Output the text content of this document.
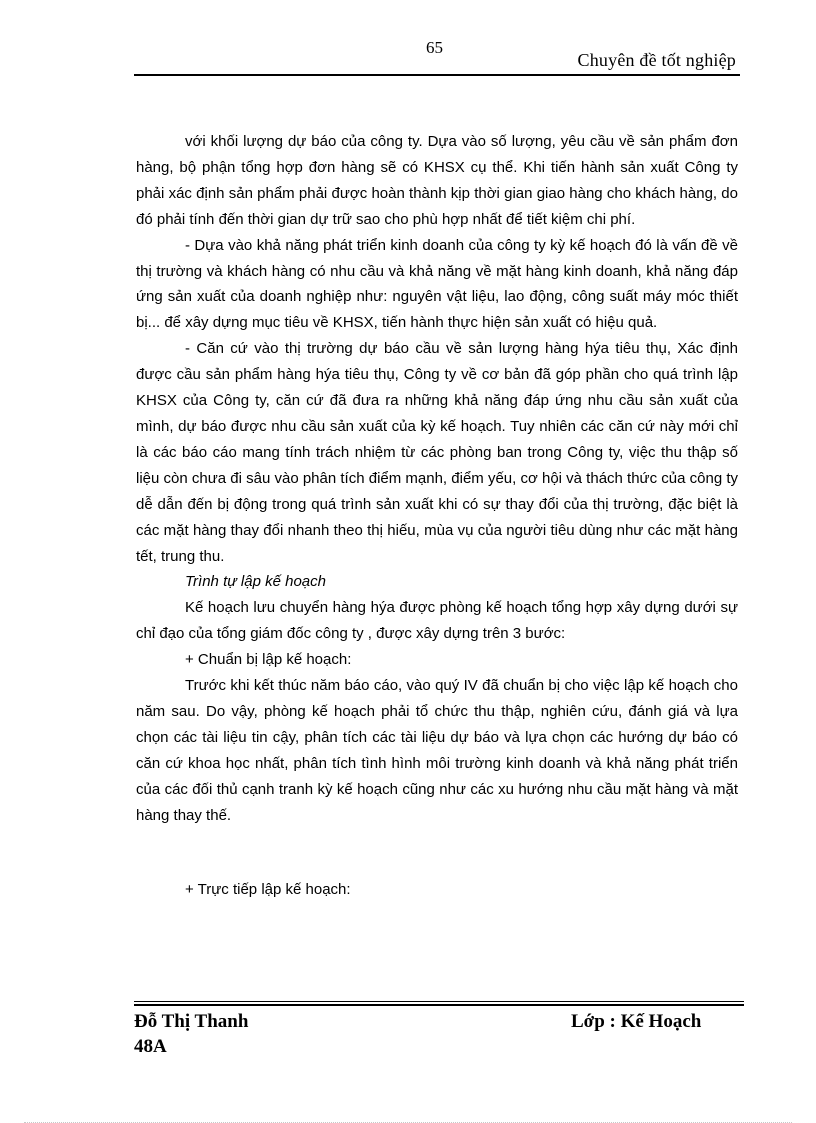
65
Chuyên đề tốt nghiệp

với khối lượng dự báo của công ty. Dựa vào số lượng, yêu cầu về sản phẩm đơn hàng, bộ phận tổng hợp đơn hàng sẽ có KHSX cụ thể. Khi tiến hành sản xuất Công ty phải xác định sản phẩm phải được hoàn thành kịp thời gian giao hàng cho khách hàng, do đó phải tính đến thời gian dự trữ sao cho phù hợp nhất để tiết kiệm chi phí.

- Dựa vào khả năng phát triển kinh doanh của công ty kỳ kế hoạch đó là vấn đề về thị trường và khách hàng có nhu cầu và khả năng về mặt hàng kinh doanh, khả năng đáp ứng sản xuất của doanh nghiệp như: nguyên vật liệu, lao động, công suất máy móc thiết bị... để xây dựng mục tiêu về KHSX, tiến hành thực hiện sản xuất có hiệu quả.

- Căn cứ vào thị trường dự báo cầu về sản lượng hàng hýa tiêu thụ, Xác định được cầu sản phẩm hàng hýa tiêu thụ, Công ty về cơ bản đã góp phần cho quá trình lập KHSX của Công ty, căn cứ đã đưa ra những khả năng đáp ứng nhu cầu sản xuất của mình, dự báo được nhu cầu sản xuất của kỳ kế hoạch. Tuy nhiên các căn cứ này mới chỉ là các báo cáo mang tính trách nhiệm từ các phòng ban trong Công ty, việc thu thập số liệu còn chưa đi sâu vào phân tích điểm mạnh, điểm yếu, cơ hội và thách thức của công ty dễ dẫn đến bị động trong quá trình sản xuất khi có sự thay đổi của thị trường, đặc biệt là các mặt hàng thay đổi nhanh theo thị hiếu, mùa vụ của người tiêu dùng như các mặt hàng tết, trung thu.

Trình tự lập kế hoạch

Kế hoạch lưu chuyển hàng hýa được phòng kế hoạch tổng hợp xây dựng dưới sự chỉ đạo của tổng giám đốc công ty , được xây dựng trên 3 bước:

+ Chuẩn bị lập kế hoạch:

Trước khi kết thúc năm báo cáo, vào quý IV đã chuẩn bị cho việc lập kế hoạch cho năm sau. Do vậy, phòng kế hoạch phải tổ chức thu thập, nghiên cứu, đánh giá và lựa chọn các tài liệu tin cậy, phân tích các tài liệu dự báo và lựa chọn các hướng dự báo có căn cứ khoa học nhất, phân tích tình hình môi trường kinh doanh và khả năng phát triển của các đối thủ cạnh tranh kỳ kế hoạch cũng như các xu hướng nhu cầu mặt hàng và mặt hàng thay thế.

+ Trực tiếp lập kế hoạch:

Đỗ Thị Thanh
48A
Lớp : Kế Hoạch
